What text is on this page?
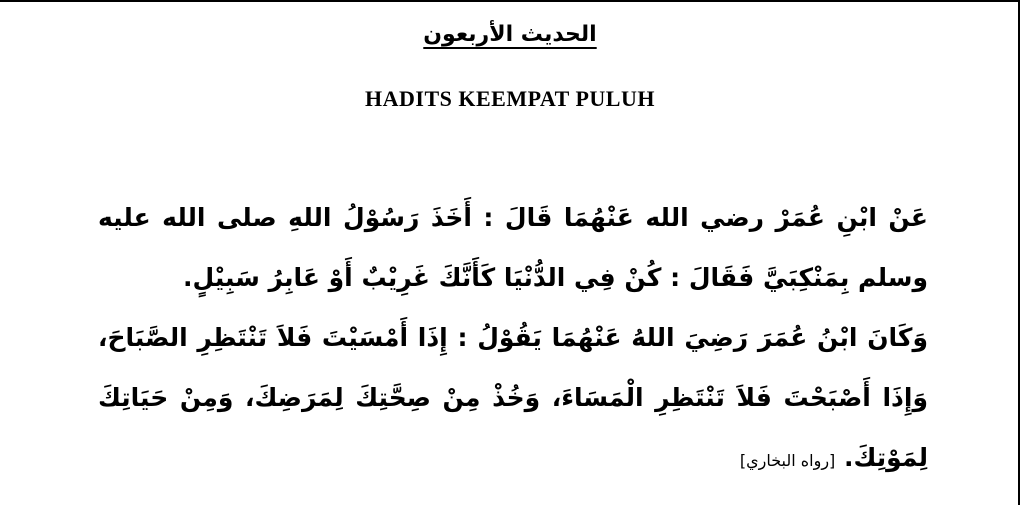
الحديث الأربعون
HADITS KEEMPAT PULUH
عَنْ ابْنِ عُمَرْ رضي الله عَنْهُمَا قَالَ : أَخَذَ رَسُوْلُ اللهِ صلى الله عليه وسلم بِمَنْكِبَيَّ فَقَالَ : كُنْ فِي الدُّنْيَا كَأَنَّكَ غَرِيْبٌ أَوْ عَابِرُ سَبِيْلٍ.
وَكَانَ ابْنُ عُمَرَ رَضِيَ اللهُ عَنْهُمَا يَقُوْلُ : إِذَا أَمْسَيْتَ فَلاَ تَنْتَظِرِ الصَّبَاحَ، وَإِذَا أَصْبَحْتَ فَلاَ تَنْتَظِرِ الْمَسَاءَ، وَخُذْ مِنْ صِحَّتِكَ لِمَرَضِكَ، وَمِنْ حَيَاتِكَ لِمَوْتِكَ. [رواه البخاري]
